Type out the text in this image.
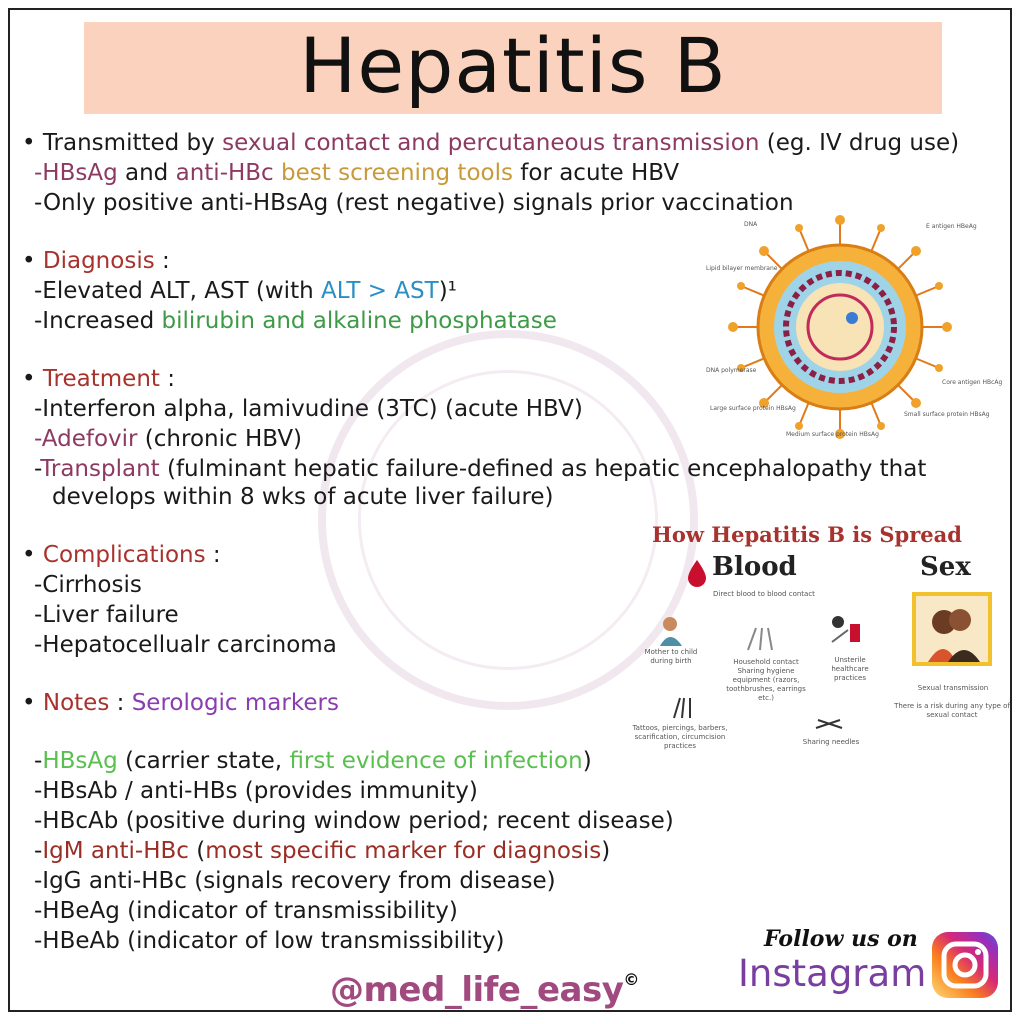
Hepatitis B
• Transmitted by sexual contact and percutaneous transmission (eg. IV drug use)
-HBsAg and anti-HBc best screening tools for acute HBV
-Only positive anti-HBsAg (rest negative) signals prior vaccination
• Diagnosis :
-Elevated ALT, AST (with ALT > AST)¹
-Increased bilirubin and alkaline phosphatase
• Treatment :
-Interferon alpha, lamivudine (3TC) (acute HBV)
-Adefovir (chronic HBV)
-Transplant (fulminant hepatic failure-defined as hepatic encephalopathy that
develops within 8 wks of acute liver failure)
• Complications :
-Cirrhosis
-Liver failure
-Hepatocellualr carcinoma
• Notes : Serologic markers
-HBsAg (carrier state, first evidence of infection)
-HBsAb / anti-HBs (provides immunity)
-HBcAb (positive during window period; recent disease)
-IgM anti-HBc (most specific marker for diagnosis)
-IgG anti-HBc (signals recovery from disease)
-HBeAg (indicator of transmissibility)
-HBeAb (indicator of low transmissibility)
DNA	E antigen HBeAg
Lipid bilayer membrane
DNA polymerase
Core antigen HBcAg
Large surface protein HBsAg
Small surface protein HBsAg
Medium surface protein HBsAg
How Hepatitis B is Spread
Blood
Direct blood to blood contact
Sex
Sexual transmission
There is a risk during any type of sexual contact
Mother to child during birth	Household contact Sharing hygiene equipment (razors, toothbrushes, earrings etc.)
Unsterile healthcare practices
Tattoos, piercings, barbers, scarification, circumcision practices	Sharing needles
Follow us on
Instagram
@med_life_easy©
